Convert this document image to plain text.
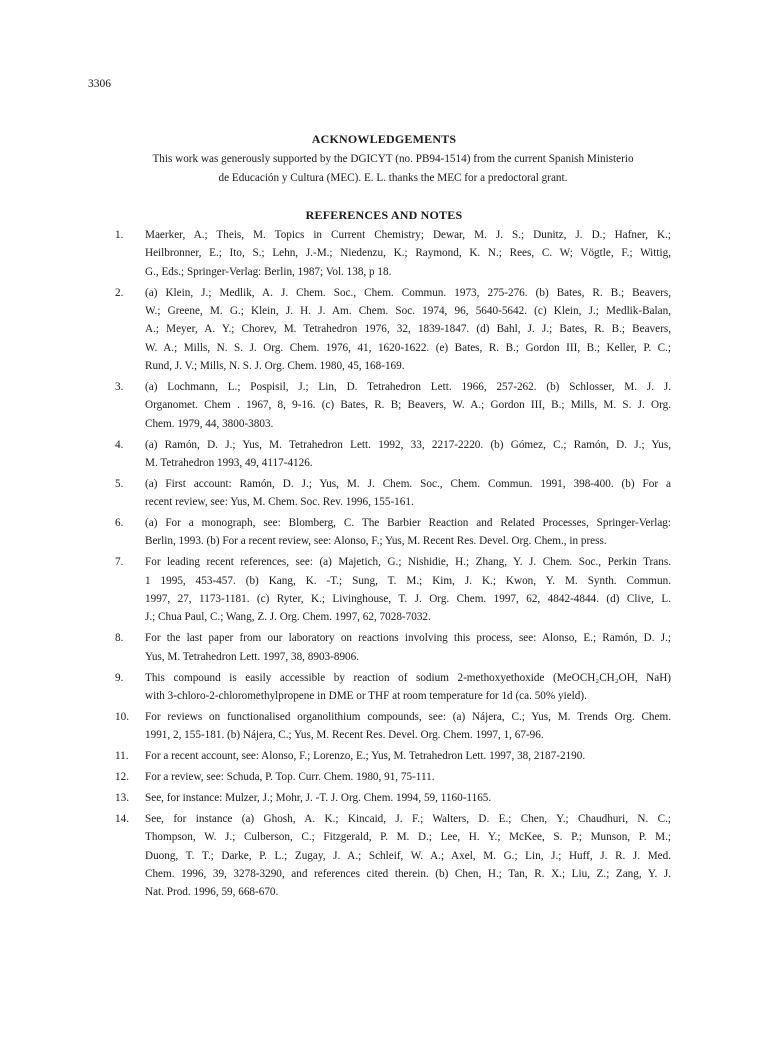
3306
ACKNOWLEDGEMENTS
This work was generously supported by the DGICYT (no. PB94-1514) from the current Spanish Ministerio
de Educación y Cultura (MEC). E. L. thanks the MEC for a predoctoral grant.
REFERENCES AND NOTES
1.	Maerker, A.; Theis, M. Topics in Current Chemistry; Dewar, M. J. S.; Dunitz, J. D.; Hafner, K.;
Heilbronner, E.; Ito, S.; Lehn, J.-M.; Niedenzu, K.; Raymond, K. N.; Rees, C. W; Vögtle, F.; Wittig,
G., Eds.; Springer-Verlag: Berlin, 1987; Vol. 138, p 18.
2.	(a) Klein, J.; Medlik, A. J. Chem. Soc., Chem. Commun. 1973, 275-276. (b) Bates, R. B.; Beavers,
W.; Greene, M. G.; Klein, J. H. J. Am. Chem. Soc. 1974, 96, 5640-5642. (c) Klein, J.; Medlik-Balan,
A.; Meyer, A. Y.; Chorev, M. Tetrahedron 1976, 32, 1839-1847. (d) Bahl, J. J.; Bates, R. B.; Beavers,
W. A.; Mills, N. S. J. Org. Chem. 1976, 41, 1620-1622. (e) Bates, R. B.; Gordon III, B.; Keller, P. C.;
Rund, J. V.; Mills, N. S. J. Org. Chem. 1980, 45, 168-169.
3.	(a) Lochmann, L.; Pospisil, J.; Lin, D. Tetrahedron Lett. 1966, 257-262. (b) Schlosser, M. J. J.
Organomet. Chem . 1967, 8, 9-16. (c) Bates, R. B; Beavers, W. A.; Gordon III, B.; Mills, M. S. J. Org.
Chem. 1979, 44, 3800-3803.
4.	(a) Ramón, D. J.; Yus, M. Tetrahedron Lett. 1992, 33, 2217-2220. (b) Gómez, C.; Ramón, D. J.; Yus,
M. Tetrahedron 1993, 49, 4117-4126.
5.	(a) First account: Ramón, D. J.; Yus, M. J. Chem. Soc., Chem. Commun. 1991, 398-400. (b) For a
recent review, see: Yus, M. Chem. Soc. Rev. 1996, 155-161.
6.	(a) For a monograph, see: Blomberg, C. The Barbier Reaction and Related Processes, Springer-Verlag:
Berlin, 1993. (b) For a recent review, see: Alonso, F.; Yus, M. Recent Res. Devel. Org. Chem., in press.
7.	For leading recent references, see: (a) Majetich, G.; Nishidie, H.; Zhang, Y. J. Chem. Soc., Perkin Trans.
1 1995, 453-457. (b) Kang, K. -T.; Sung, T. M.; Kim, J. K.; Kwon, Y. M. Synth. Commun.
1997, 27, 1173-1181. (c) Ryter, K.; Livinghouse, T. J. Org. Chem. 1997, 62, 4842-4844. (d) Clive, L.
J.; Chua Paul, C.; Wang, Z. J. Org. Chem. 1997, 62, 7028-7032.
8.	For the last paper from our laboratory on reactions involving this process, see: Alonso, E.; Ramón, D. J.;
Yus, M. Tetrahedron Lett. 1997, 38, 8903-8906.
9.	This compound is easily accessible by reaction of sodium 2-methoxyethoxide (MeOCH₂CH₂OH, NaH)
with 3-chloro-2-chloromethylpropene in DME or THF at room temperature for 1d (ca. 50% yield).
10.	For reviews on functionalised organolithium compounds, see: (a) Nájera, C.; Yus, M. Trends Org. Chem.
1991, 2, 155-181. (b) Nájera, C.; Yus, M. Recent Res. Devel. Org. Chem. 1997, 1, 67-96.
11.	For a recent account, see: Alonso, F.; Lorenzo, E.; Yus, M. Tetrahedron Lett. 1997, 38, 2187-2190.
12.	For a review, see: Schuda, P. Top. Curr. Chem. 1980, 91, 75-111.
13.	See, for instance: Mulzer, J.; Mohr, J. -T. J. Org. Chem. 1994, 59, 1160-1165.
14.	See, for instance (a) Ghosh, A. K.; Kincaid, J. F.; Walters, D. E.; Chen, Y.; Chaudhuri, N. C.;
Thompson, W. J.; Culberson, C.; Fitzgerald, P. M. D.; Lee, H. Y.; McKee, S. P.; Munson, P. M.;
Duong, T. T.; Darke, P. L.; Zugay, J. A.; Schleif, W. A.; Axel, M. G.; Lin, J.; Huff, J. R. J. Med.
Chem. 1996, 39, 3278-3290, and references cited therein. (b) Chen, H.; Tan, R. X.; Liu, Z.; Zang, Y. J.
Nat. Prod. 1996, 59, 668-670.
